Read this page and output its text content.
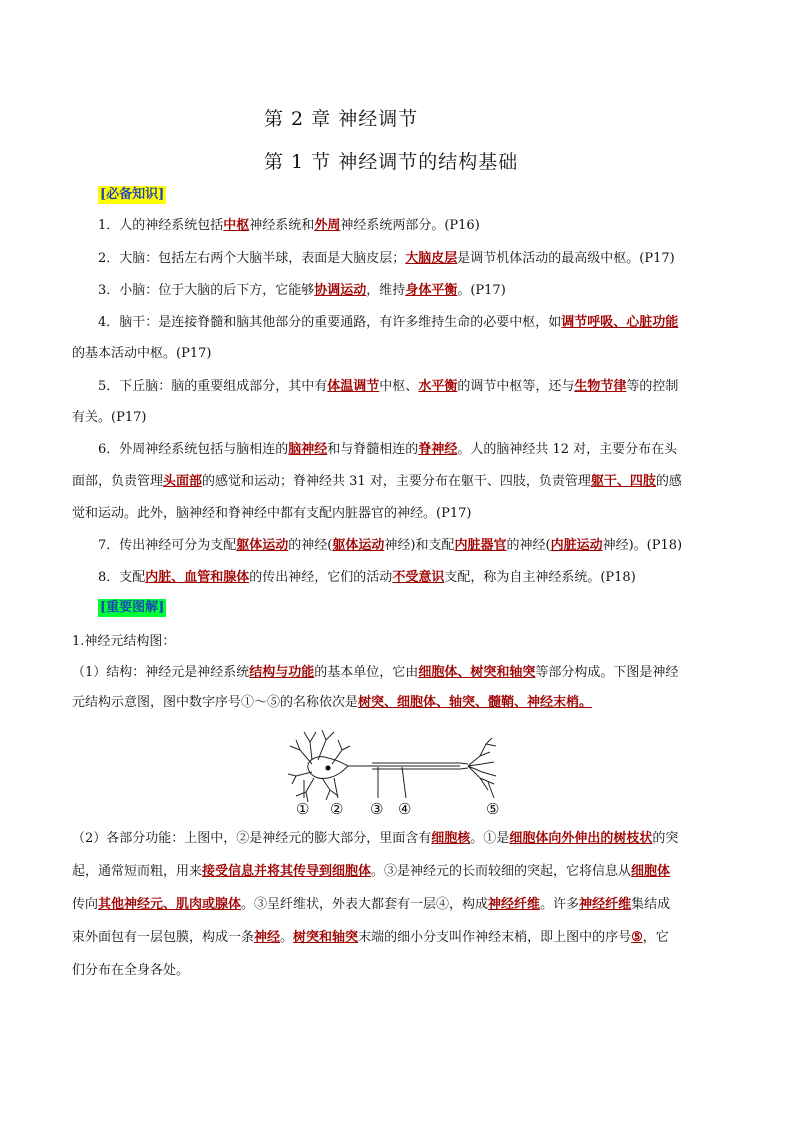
第 2 章 神经调节
第 1 节 神经调节的结构基础
[必备知识]

1．人的神经系统包括中枢神经系统和外周神经系统两部分。(P16)

2．大脑：包括左右两个大脑半球，表面是大脑皮层；大脑皮层是调节机体活动的最高级中枢。(P17)

3．小脑：位于大脑的后下方，它能够协调运动，维持身体平衡。(P17)

4．脑干：是连接脊髓和脑其他部分的重要通路，有许多维持生命的必要中枢，如调节呼吸、心脏功能

的基本活动中枢。(P17)

5．下丘脑：脑的重要组成部分，其中有体温调节中枢、水平衡的调节中枢等，还与生物节律等的控制

有关。(P17)

6．外周神经系统包括与脑相连的脑神经和与脊髓相连的脊神经。人的脑神经共 12 对，主要分布在头

面部，负责管理头面部的感觉和运动；脊神经共 31 对，主要分布在躯干、四肢，负责管理躯干、四肢的感

觉和运动。此外，脑神经和脊神经中都有支配内脏器官的神经。(P17)

7．传出神经可分为支配躯体运动的神经(躯体运动神经)和支配内脏器官的神经(内脏运动神经)。(P18)

8．支配内脏、血管和腺体的传出神经，它们的活动不受意识支配，称为自主神经系统。(P18)

[重要图解]

1.神经元结构图：

（1）结构：神经元是神经系统结构与功能的基本单位，它由细胞体、树突和轴突等部分构成。下图是神经

元结构示意图，图中数字序号①～⑤的名称依次是树突、细胞体、轴突、髓鞘、神经末梢。

① ② ③ ④	⑤

（2）各部分功能：上图中，②是神经元的膨大部分，里面含有细胞核。①是细胞体向外伸出的树枝状的突

起，通常短而粗，用来接受信息并将其传导到细胞体。③是神经元的长而较细的突起，它将信息从细胞体

传向其他神经元、肌肉或腺体。③呈纤维状，外表大都套有一层④，构成神经纤维。许多神经纤维集结成

束外面包有一层包膜，构成一条神经。树突和轴突末端的细小分支叫作神经末梢，即上图中的序号⑤，它

们分布在全身各处。
